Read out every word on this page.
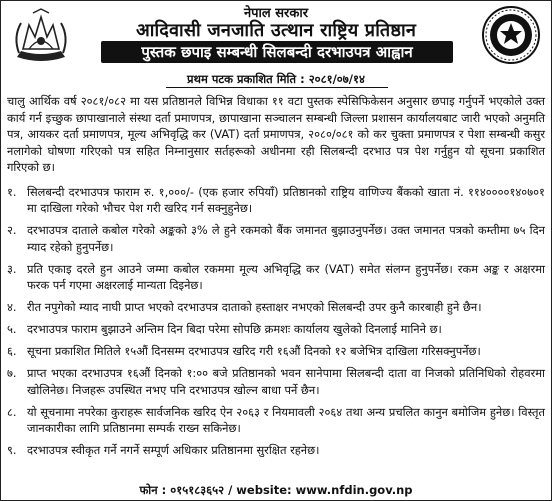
नेपाल सरकार
आदिवासी जनजाति उत्थान राष्ट्रिय प्रतिष्ठान
पुस्तक छपाइ सम्बन्धी सिलबन्दी दरभाउपत्र आह्वान
प्रथम पटक प्रकाशित मिति : २०८१/०७/१४
चालु आर्थिक वर्ष २०८१/०८२ मा यस प्रतिष्ठानले विभिन्न विधाका ११ वटा पुस्तक स्पेसिफिकेसन अनुसार छपाइ गर्नुपर्ने भएकोले उक्त कार्य गर्न इच्छुक छापाखानाले संस्था दर्ता प्रमाणपत्र, छापाखाना सञ्चालन सम्बन्धी जिल्ला प्रशासन कार्यालयबाट जारी भएको अनुमति पत्र, आयकर दर्ता प्रमाणपत्र, मूल्य अभिवृद्धि कर (VAT) दर्ता प्रमाणपत्र, २०८०/०८१ को कर चुक्ता प्रमाणपत्र र पेशा सम्बन्धी कसुर नलागेको घोषणा गरिएको पत्र सहित निम्नानुसार सर्तहरूको अधीनमा रही सिलबन्दी दरभाउ पत्र पेश गर्नुहुन यो सूचना प्रकाशित गरिएको छ।
१. सिलबन्दी दरभाउपत्र फाराम रु. १,०००/- (एक हजार रुपियाँ) प्रतिष्ठानको राष्ट्रिय वाणिज्य बैंकको खाता नं. ११४००००१४०७०१ मा दाखिला गरेको भौचर पेश गरी खरिद गर्न सक्नुहुनेछ।
२. दरभाउपत्र दाताले कबोल गरेको अङ्कको ३% ले हुने रकमको बैंक जमानत बुझाउनुपर्नेछ। उक्त जमानत पत्रको कम्तीमा ७५ दिन म्याद रहेको हुनुपर्नेछ।
३. प्रति एकाइ दरले हुन आउने जम्मा कबोल रकममा मूल्य अभिवृद्धि कर (VAT) समेत संलग्न हुनुपर्नेछ। रकम अङ्क र अक्षरमा फरक पर्न गएमा अक्षरलाई मान्यता दिइनेछ।
४. रीत नपुगेको म्याद नाघी प्राप्त भएको दरभाउपत्र दाताको हस्ताक्षर नभएको सिलबन्दी उपर कुनै कारबाही हुने छैन।
५. दरभाउपत्र फाराम बुझाउने अन्तिम दिन बिदा परेमा सोपछि क्रमशः कार्यालय खुलेको दिनलाई मानिने छ।
६. सूचना प्रकाशित मितिले १५औं दिनसम्म दरभाउपत्र खरिद गरी १६औं दिनको १२ बजेभित्र दाखिला गरिसक्नुपर्नेछ।
७. प्राप्त भएका दरभाउपत्र १६औं दिनको १:०० बजे प्रतिष्ठानको भवन सानेपामा सिलबन्दी दाता वा निजको प्रतिनिधिको रोहवरमा खोलिनेछ। निजहरू उपस्थित नभए पनि दरभाउपत्र खोल्न बाधा पर्ने छैन।
८. यो सूचनामा नपरेका कुराहरू सार्वजनिक खरिद ऐन २०६३ र नियमावली २०६४ तथा अन्य प्रचलित कानुन बमोजिम हुनेछ। विस्तृत जानकारीका लागि प्रतिष्ठानमा सम्पर्क राख्न सकिनेछ।
९. दरभाउपत्र स्वीकृत गर्ने नगर्ने सम्पूर्ण अधिकार प्रतिष्ठानमा सुरक्षित रहनेछ।
फोन : ०१५१८३६५२ / website: www.nfdin.gov.np
